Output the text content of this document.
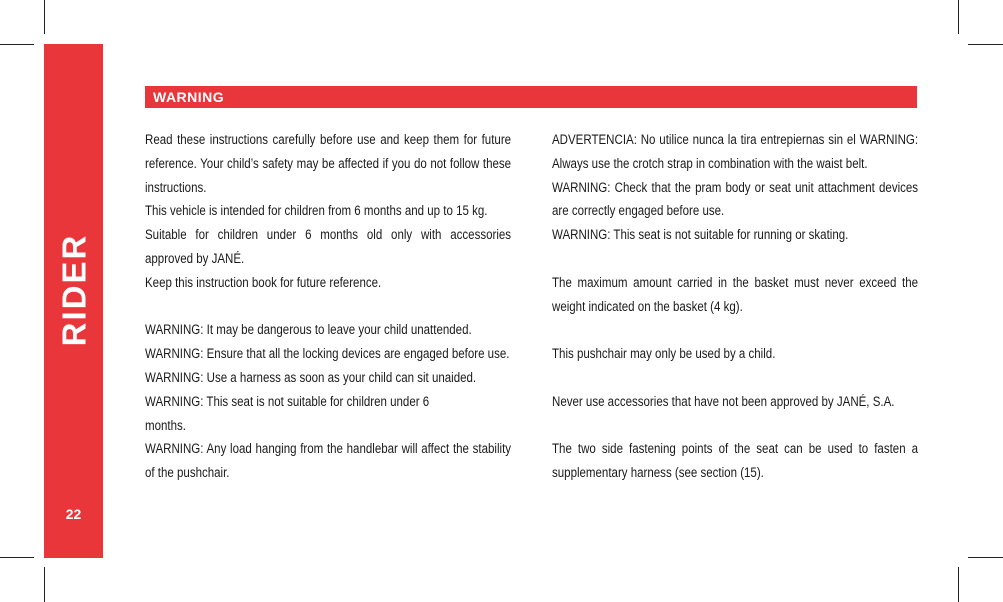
RIDER
22
WARNING

Read these instructions carefully before use and keep them for future reference. Your child’s safety may be affected if you do not follow these instructions.

This vehicle is intended for children from 6 months and up to 15 kg.

Suitable for children under 6 months old only with accessories approved by JANÉ.

Keep this instruction book for future reference.

WARNING: It may be dangerous to leave your child unattended.

WARNING: Ensure that all the locking devices are engaged before use.

WARNING: Use a harness as soon as your child can sit unaided.

WARNING: This seat is not suitable for children under 6

months.

WARNING: Any load hanging from the handlebar will affect the stability of the pushchair.

ADVERTENCIA: No utilice nunca la tira entrepiernas sin el WARNING: Always use the crotch strap in combination with the waist belt.

WARNING: Check that the pram body or seat unit attachment devices are correctly engaged before use.

WARNING: This seat is not suitable for running or skating.

The maximum amount carried in the basket must never exceed the weight indicated on the basket (4 kg).

This pushchair may only be used by a child.

Never use accessories that have not been approved by JANÉ, S.A.

The two side fastening points of the seat can be used to fasten a supplementary harness (see section (15).
